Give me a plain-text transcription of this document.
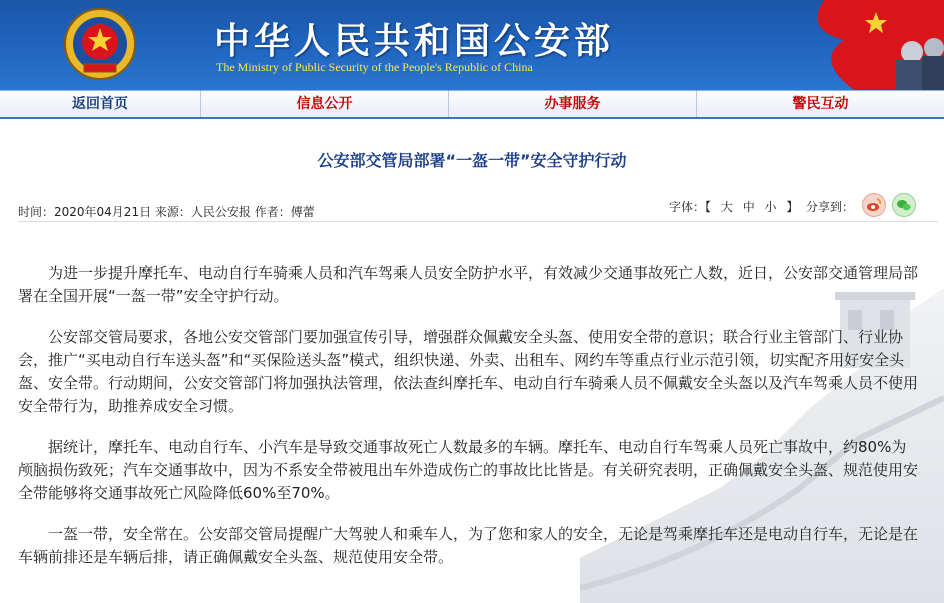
中华人民共和国公安部
The Ministry of Public Security of the People's Republic of China
返回首页	信息公开	办事服务	警民互动
公安部交管局部署“一盔一带”安全守护行动
时间：2020年04月21日 来源：人民公安报 作者：傅蕾	字体：【 大 中 小 】 分享到：

为进一步提升摩托车、电动自行车骑乘人员和汽车驾乘人员安全防护水平，有效减少交通事故死亡人数，近日，公安部交通管理局部署在全国开展“一盔一带”安全守护行动。

公安部交管局要求，各地公安交管部门要加强宣传引导，增强群众佩戴安全头盔、使用安全带的意识；联合行业主管部门、行业协会，推广“买电动自行车送头盔”和“买保险送头盔”模式，组织快递、外卖、出租车、网约车等重点行业示范引领，切实配齐用好安全头盔、安全带。行动期间，公安交管部门将加强执法管理，依法查纠摩托车、电动自行车骑乘人员不佩戴安全头盔以及汽车驾乘人员不使用安全带行为，助推养成安全习惯。

据统计，摩托车、电动自行车、小汽车是导致交通事故死亡人数最多的车辆。摩托车、电动自行车驾乘人员死亡事故中，约80%为颅脑损伤致死；汽车交通事故中，因为不系安全带被甩出车外造成伤亡的事故比比皆是。有关研究表明，正确佩戴安全头盔、规范使用安全带能够将交通事故死亡风险降低60%至70%。

一盔一带，安全常在。公安部交管局提醒广大驾驶人和乘车人，为了您和家人的安全，无论是驾乘摩托车还是电动自行车，无论是在车辆前排还是车辆后排，请正确佩戴安全头盔、规范使用安全带。
